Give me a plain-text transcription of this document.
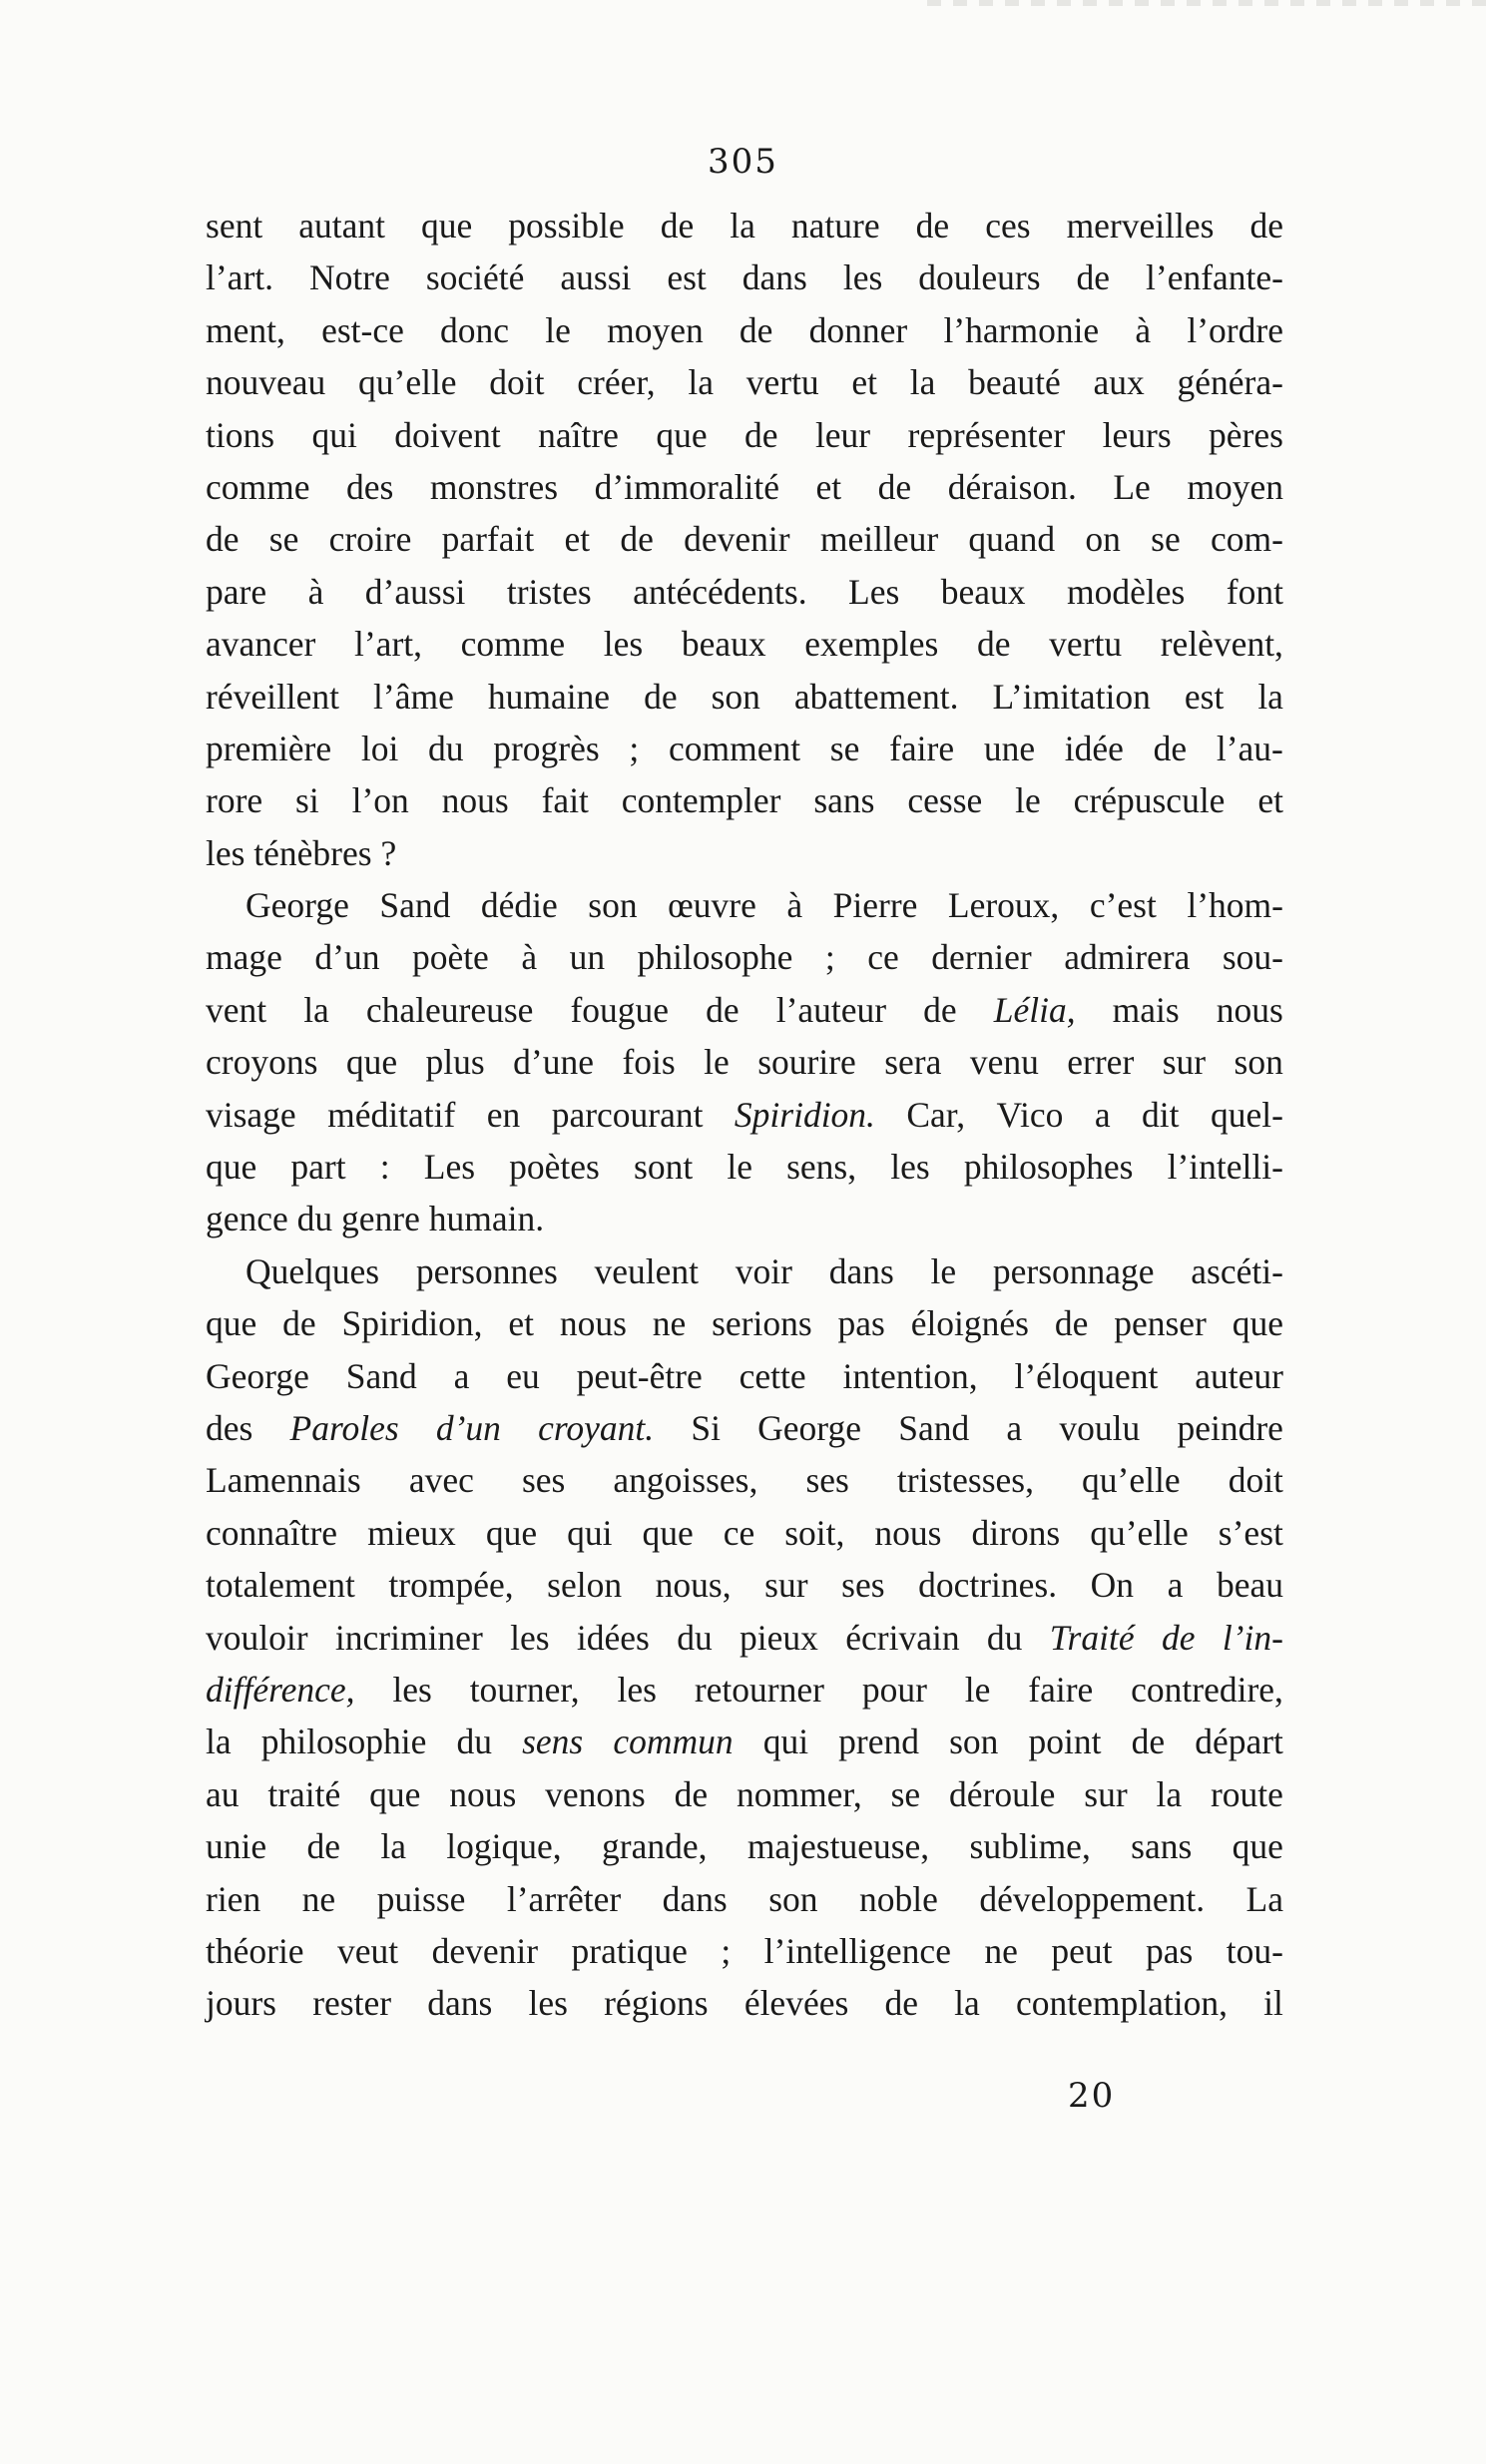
305
sent autant que possible de la nature de ces merveilles de
l’art. Notre société aussi est dans les douleurs de l’enfante-
ment, est-ce donc le moyen de donner l’harmonie à l’ordre
nouveau qu’elle doit créer, la vertu et la beauté aux généra-
tions qui doivent naître que de leur représenter leurs pères
comme des monstres d’immoralité et de déraison. Le moyen
de se croire parfait et de devenir meilleur quand on se com-
pare à d’aussi tristes antécédents. Les beaux modèles font
avancer l’art, comme les beaux exemples de vertu relèvent,
réveillent l’âme humaine de son abattement. L’imitation est la
première loi du progrès ; comment se faire une idée de l’au-
rore si l’on nous fait contempler sans cesse le crépuscule et
les ténèbres ?
George Sand dédie son œuvre à Pierre Leroux, c’est l’hom-
mage d’un poète à un philosophe ; ce dernier admirera sou-
vent la chaleureuse fougue de l’auteur de Lélia, mais nous
croyons que plus d’une fois le sourire sera venu errer sur son
visage méditatif en parcourant Spiridion. Car, Vico a dit quel-
que part : Les poètes sont le sens, les philosophes l’intelli-
gence du genre humain.
Quelques personnes veulent voir dans le personnage ascéti-
que de Spiridion, et nous ne serions pas éloignés de penser que
George Sand a eu peut-être cette intention, l’éloquent auteur
des Paroles d’un croyant. Si George Sand a voulu peindre
Lamennais avec ses angoisses, ses tristesses, qu’elle doit
connaître mieux que qui que ce soit, nous dirons qu’elle s’est
totalement trompée, selon nous, sur ses doctrines. On a beau
vouloir incriminer les idées du pieux écrivain du Traité de l’in-
différence, les tourner, les retourner pour le faire contredire,
la philosophie du sens commun qui prend son point de départ
au traité que nous venons de nommer, se déroule sur la route
unie de la logique, grande, majestueuse, sublime, sans que
rien ne puisse l’arrêter dans son noble développement. La
théorie veut devenir pratique ; l’intelligence ne peut pas tou-
jours rester dans les régions élevées de la contemplation, il
20
